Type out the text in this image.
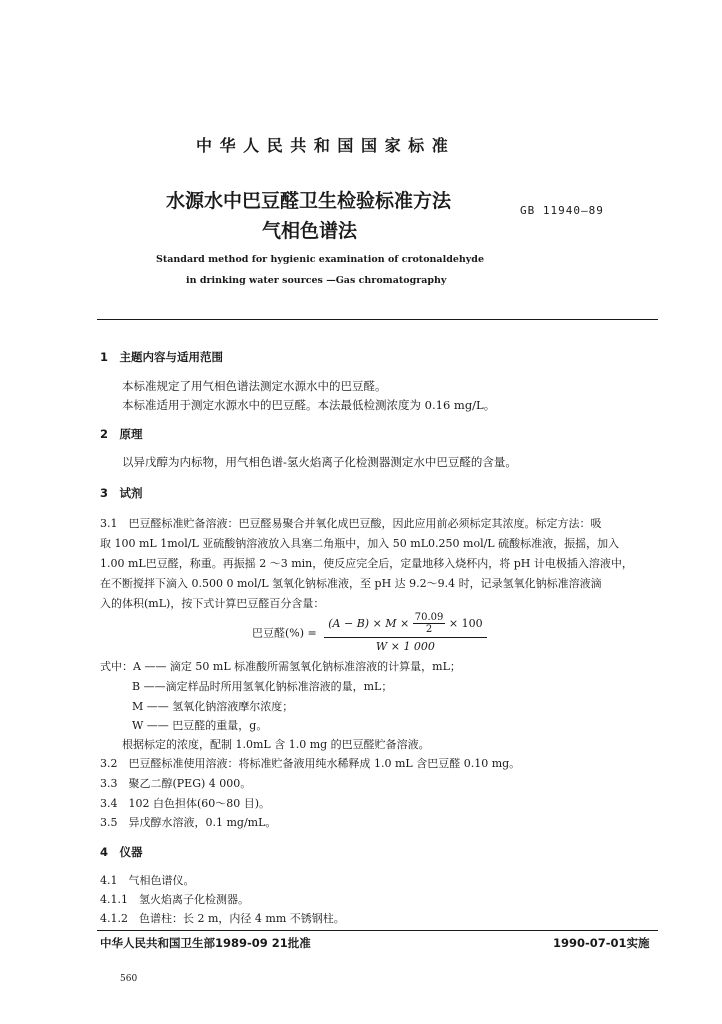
中 华 人 民 共 和 国 国 家 标 准
水源水中巴豆醛卫生检验标准方法
气相色谱法
GB 11940—89
Standard method for hygienic examination of crotonaldehyde
in drinking water sources —Gas chromatography
1　主题内容与适用范围
本标准规定了用气相色谱法测定水源水中的巴豆醛。
本标准适用于测定水源水中的巴豆醛。本法最低检测浓度为 0.16 mg/L。
2　原理
以异戊醇为内标物，用气相色谱-氢火焰离子化检测器测定水中巴豆醛的含量。
3　试剂
3.1　巴豆醛标准贮备溶液：巴豆醛易聚合并氧化成巴豆酸，因此应用前必须标定其浓度。标定方法：吸
取 100 mL 1mol/L 亚硫酸钠溶液放入具塞二角瓶中，加入 50 mL0.250 mol/L 硫酸标准液，振摇，加入
1.00 mL巴豆醛，称重。再振摇 2 ～3 min，使反应完全后，定量地移入烧杯内，将 pH 计电极插入溶液中，
在不断搅拌下滴入 0.500 0 mol/L 氢氧化钠标准液，至 pH 达 9.2～9.4 时，记录氢氧化钠标准溶液滴
入的体积(mL)，按下式计算巴豆醛百分含量：
巴豆醛(%) =
$(A - B) \times M \times \frac{70.09}{2} \times 100$
W × 1 000
式中：A —— 滴定 50 mL 标准酸所需氢氧化钠标准溶液的计算量，mL；
B ——滴定样品时所用氢氧化钠标准溶液的量，mL；
M —— 氢氧化钠溶液摩尔浓度；
W —— 巴豆醛的重量，g。
根据标定的浓度，配制 1.0mL 含 1.0 mg 的巴豆醛贮备溶液。
3.2　巴豆醛标准使用溶液：将标准贮备液用纯水稀释成 1.0 mL 含巴豆醛 0.10 mg。
3.3　聚乙二醇(PEG) 4 000。
3.4　102 白色担体(60～80 目)。
3.5　异戊醇水溶液，0.1 mg/mL。
4　仪器
4.1　气相色谱仪。
4.1.1　氢火焰离子化检测器。
4.1.2　色谱柱：长 2 m，内径 4 mm 不锈钢柱。
中华人民共和国卫生部1989-09 21批准	1990-07-01实施
560
